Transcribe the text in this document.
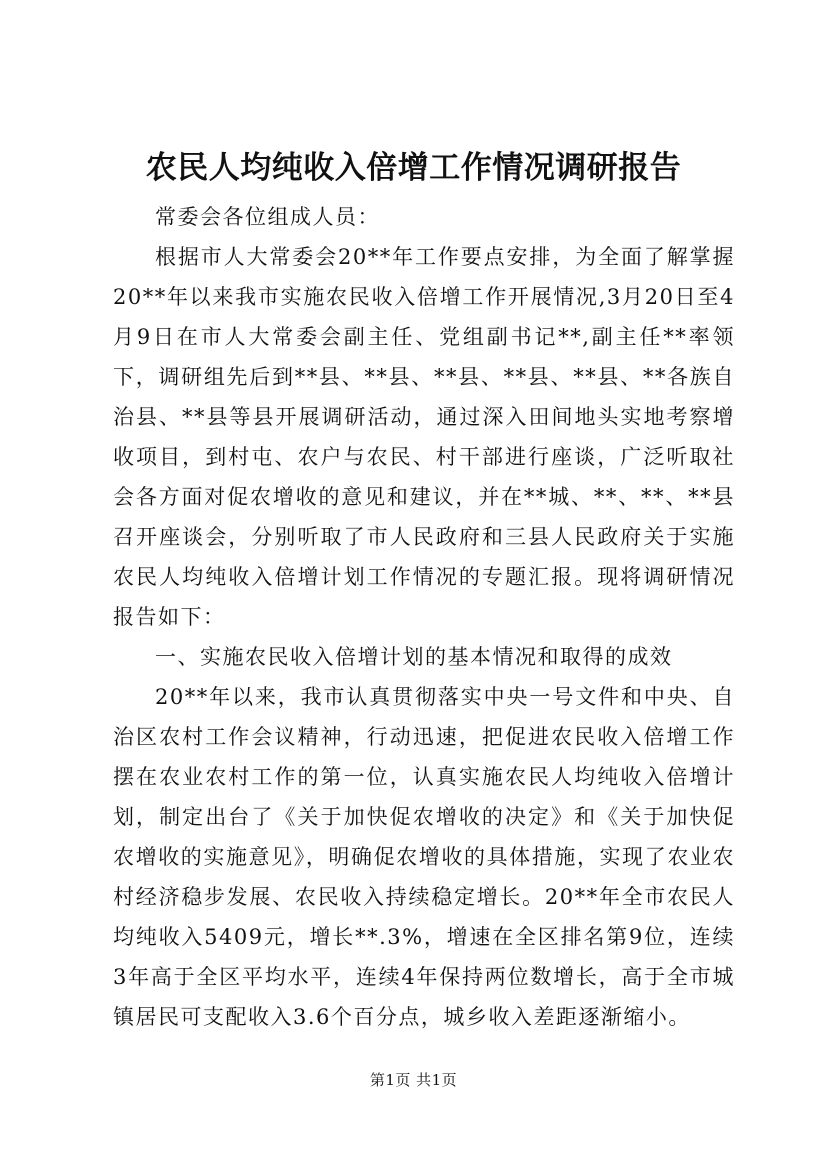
农民人均纯收入倍增工作情况调研报告

常委会各位组成人员：

根据市人大常委会20**年工作要点安排，为全面了解掌握20**年以来我市实施农民收入倍增工作开展情况,3月20日至4月9日在市人大常委会副主任、党组副书记**,副主任**率领下，调研组先后到**县、**县、**县、**县、**县、**各族自治县、**县等县开展调研活动，通过深入田间地头实地考察增收项目，到村屯、农户与农民、村干部进行座谈，广泛听取社会各方面对促农增收的意见和建议，并在**城、**、**、**县召开座谈会，分别听取了市人民政府和三县人民政府关于实施农民人均纯收入倍增计划工作情况的专题汇报。现将调研情况报告如下：

一、实施农民收入倍增计划的基本情况和取得的成效

20**年以来，我市认真贯彻落实中央一号文件和中央、自治区农村工作会议精神，行动迅速，把促进农民收入倍增工作摆在农业农村工作的第一位，认真实施农民人均纯收入倍增计划，制定出台了《关于加快促农增收的决定》和《关于加快促农增收的实施意见》，明确促农增收的具体措施，实现了农业农村经济稳步发展、农民收入持续稳定增长。20**年全市农民人均纯收入5409元，增长**.3%，增速在全区排名第9位，连续3年高于全区平均水平，连续4年保持两位数增长，高于全市城镇居民可支配收入3.6个百分点，城乡收入差距逐渐缩小。

第1页 共1页
